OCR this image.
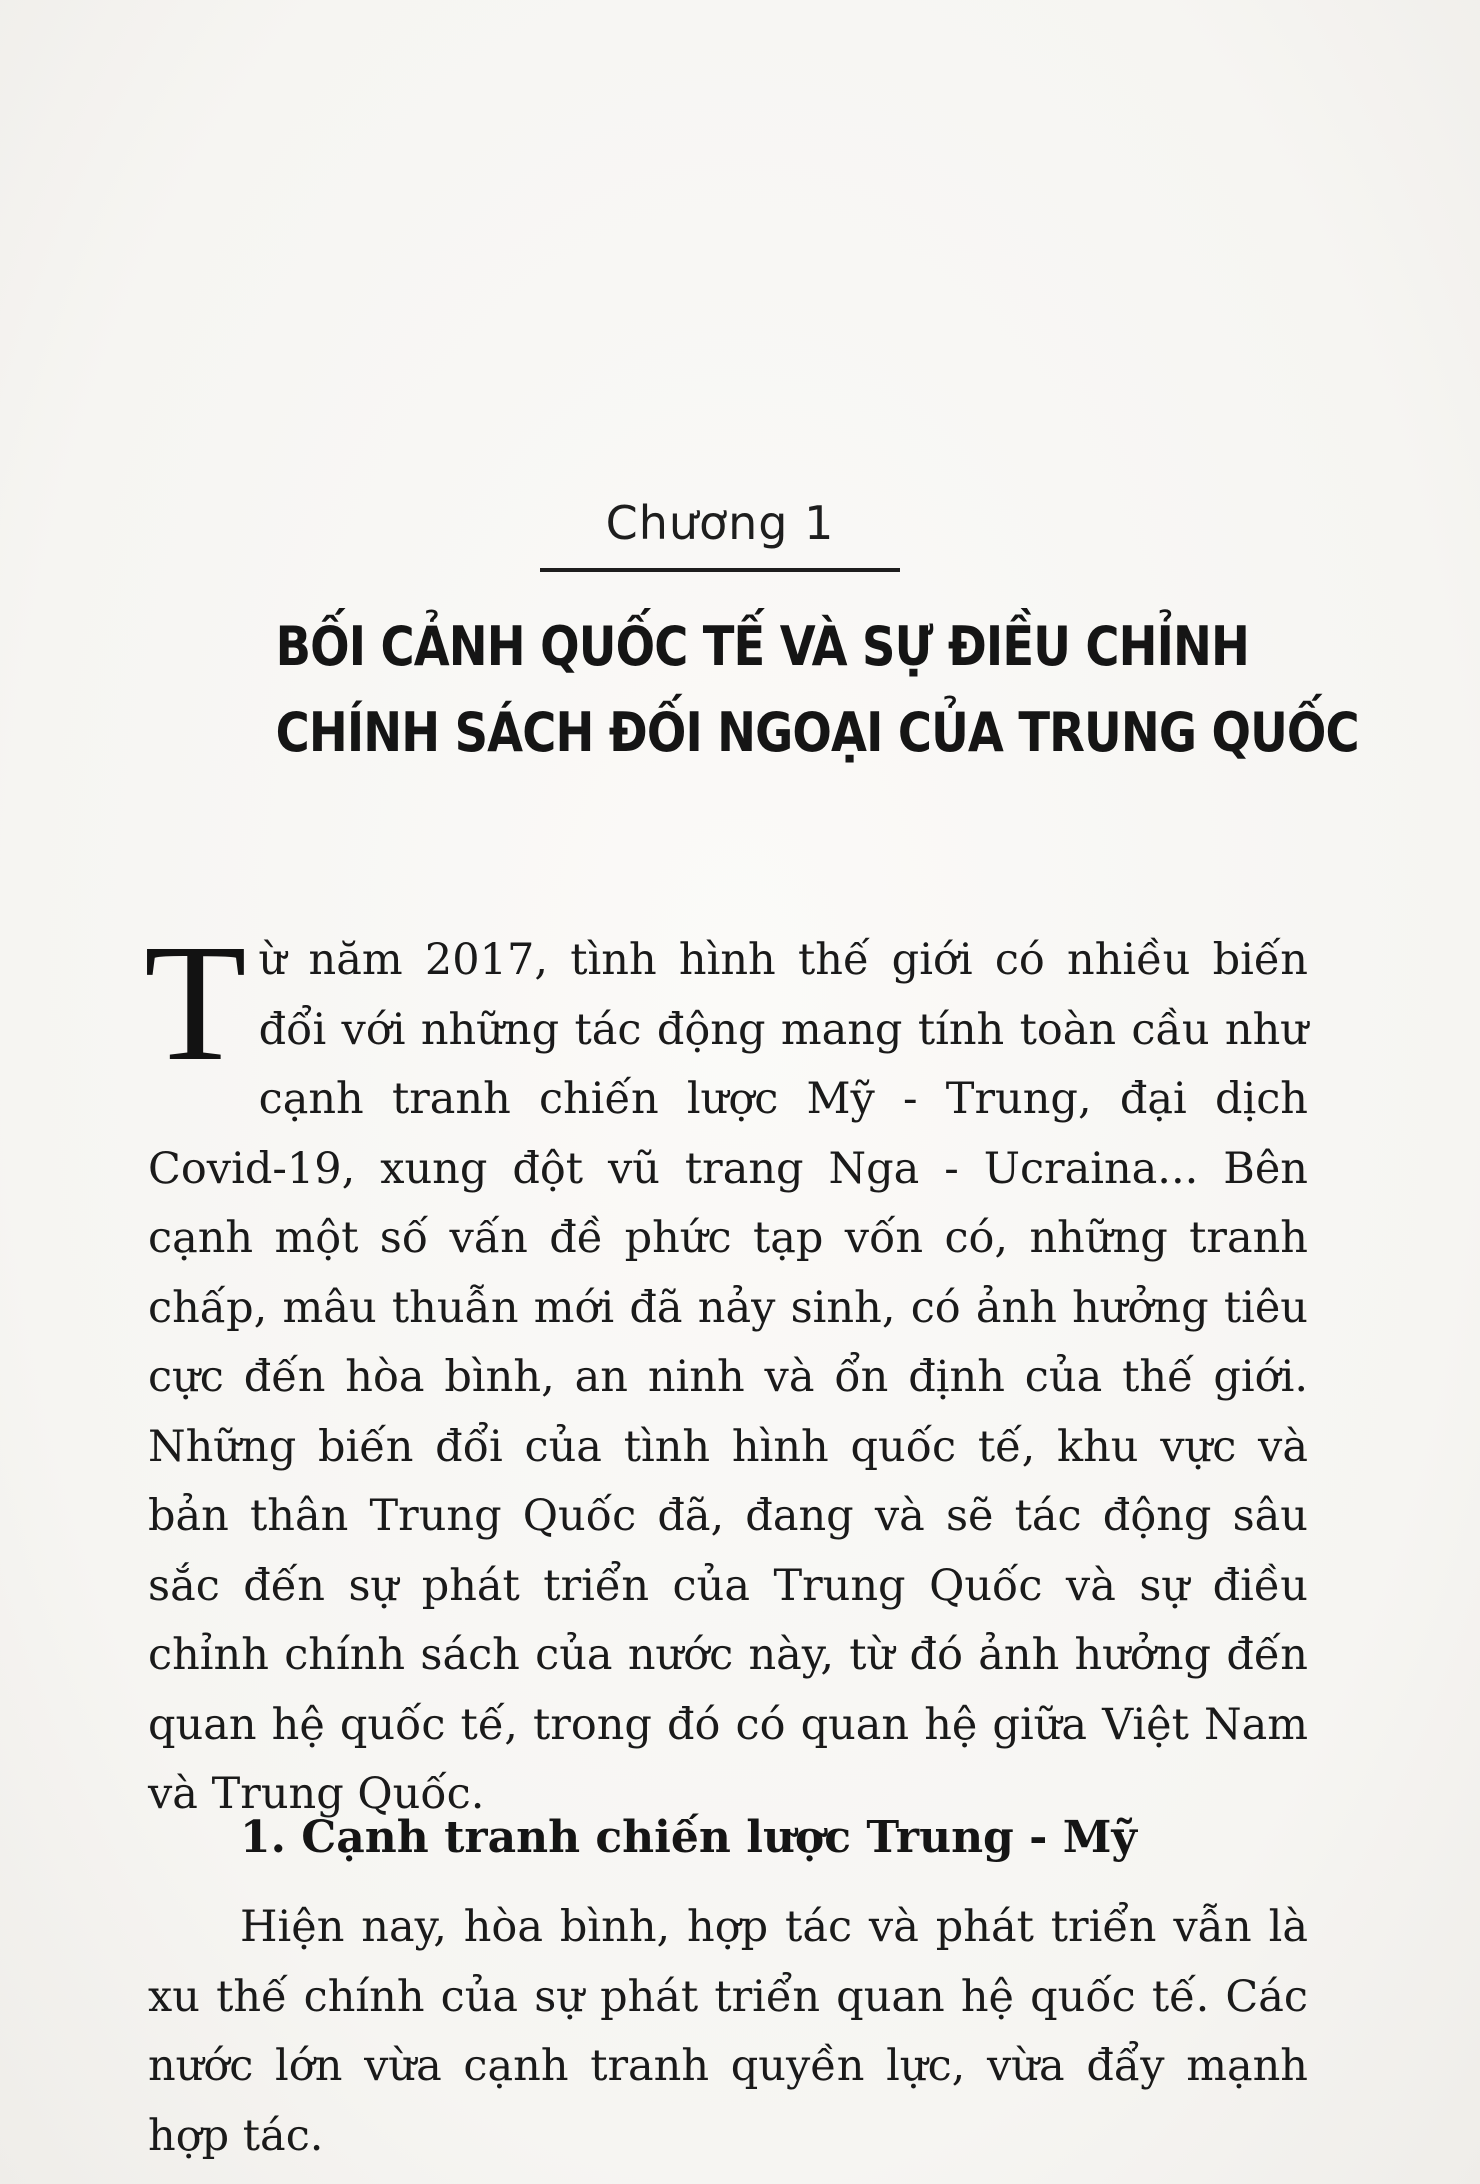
Chương 1
BỐI CẢNH QUỐC TẾ VÀ SỰ ĐIỀU CHỈNH
CHÍNH SÁCH ĐỐI NGOẠI CỦA TRUNG QUỐC

Từ năm 2017, tình hình thế giới có nhiều biến đổi với những tác động mang tính toàn cầu như cạnh tranh chiến lược Mỹ - Trung, đại dịch Covid-19, xung đột vũ trang Nga - Ucraina... Bên cạnh một số vấn đề phức tạp vốn có, những tranh chấp, mâu thuẫn mới đã nảy sinh, có ảnh hưởng tiêu cực đến hòa bình, an ninh và ổn định của thế giới. Những biến đổi của tình hình quốc tế, khu vực và bản thân Trung Quốc đã, đang và sẽ tác động sâu sắc đến sự phát triển của Trung Quốc và sự điều chỉnh chính sách của nước này, từ đó ảnh hưởng đến quan hệ quốc tế, trong đó có quan hệ giữa Việt Nam và Trung Quốc.

1. Cạnh tranh chiến lược Trung - Mỹ

Hiện nay, hòa bình, hợp tác và phát triển vẫn là xu thế chính của sự phát triển quan hệ quốc tế. Các nước lớn vừa cạnh tranh quyền lực, vừa đẩy mạnh hợp tác.
